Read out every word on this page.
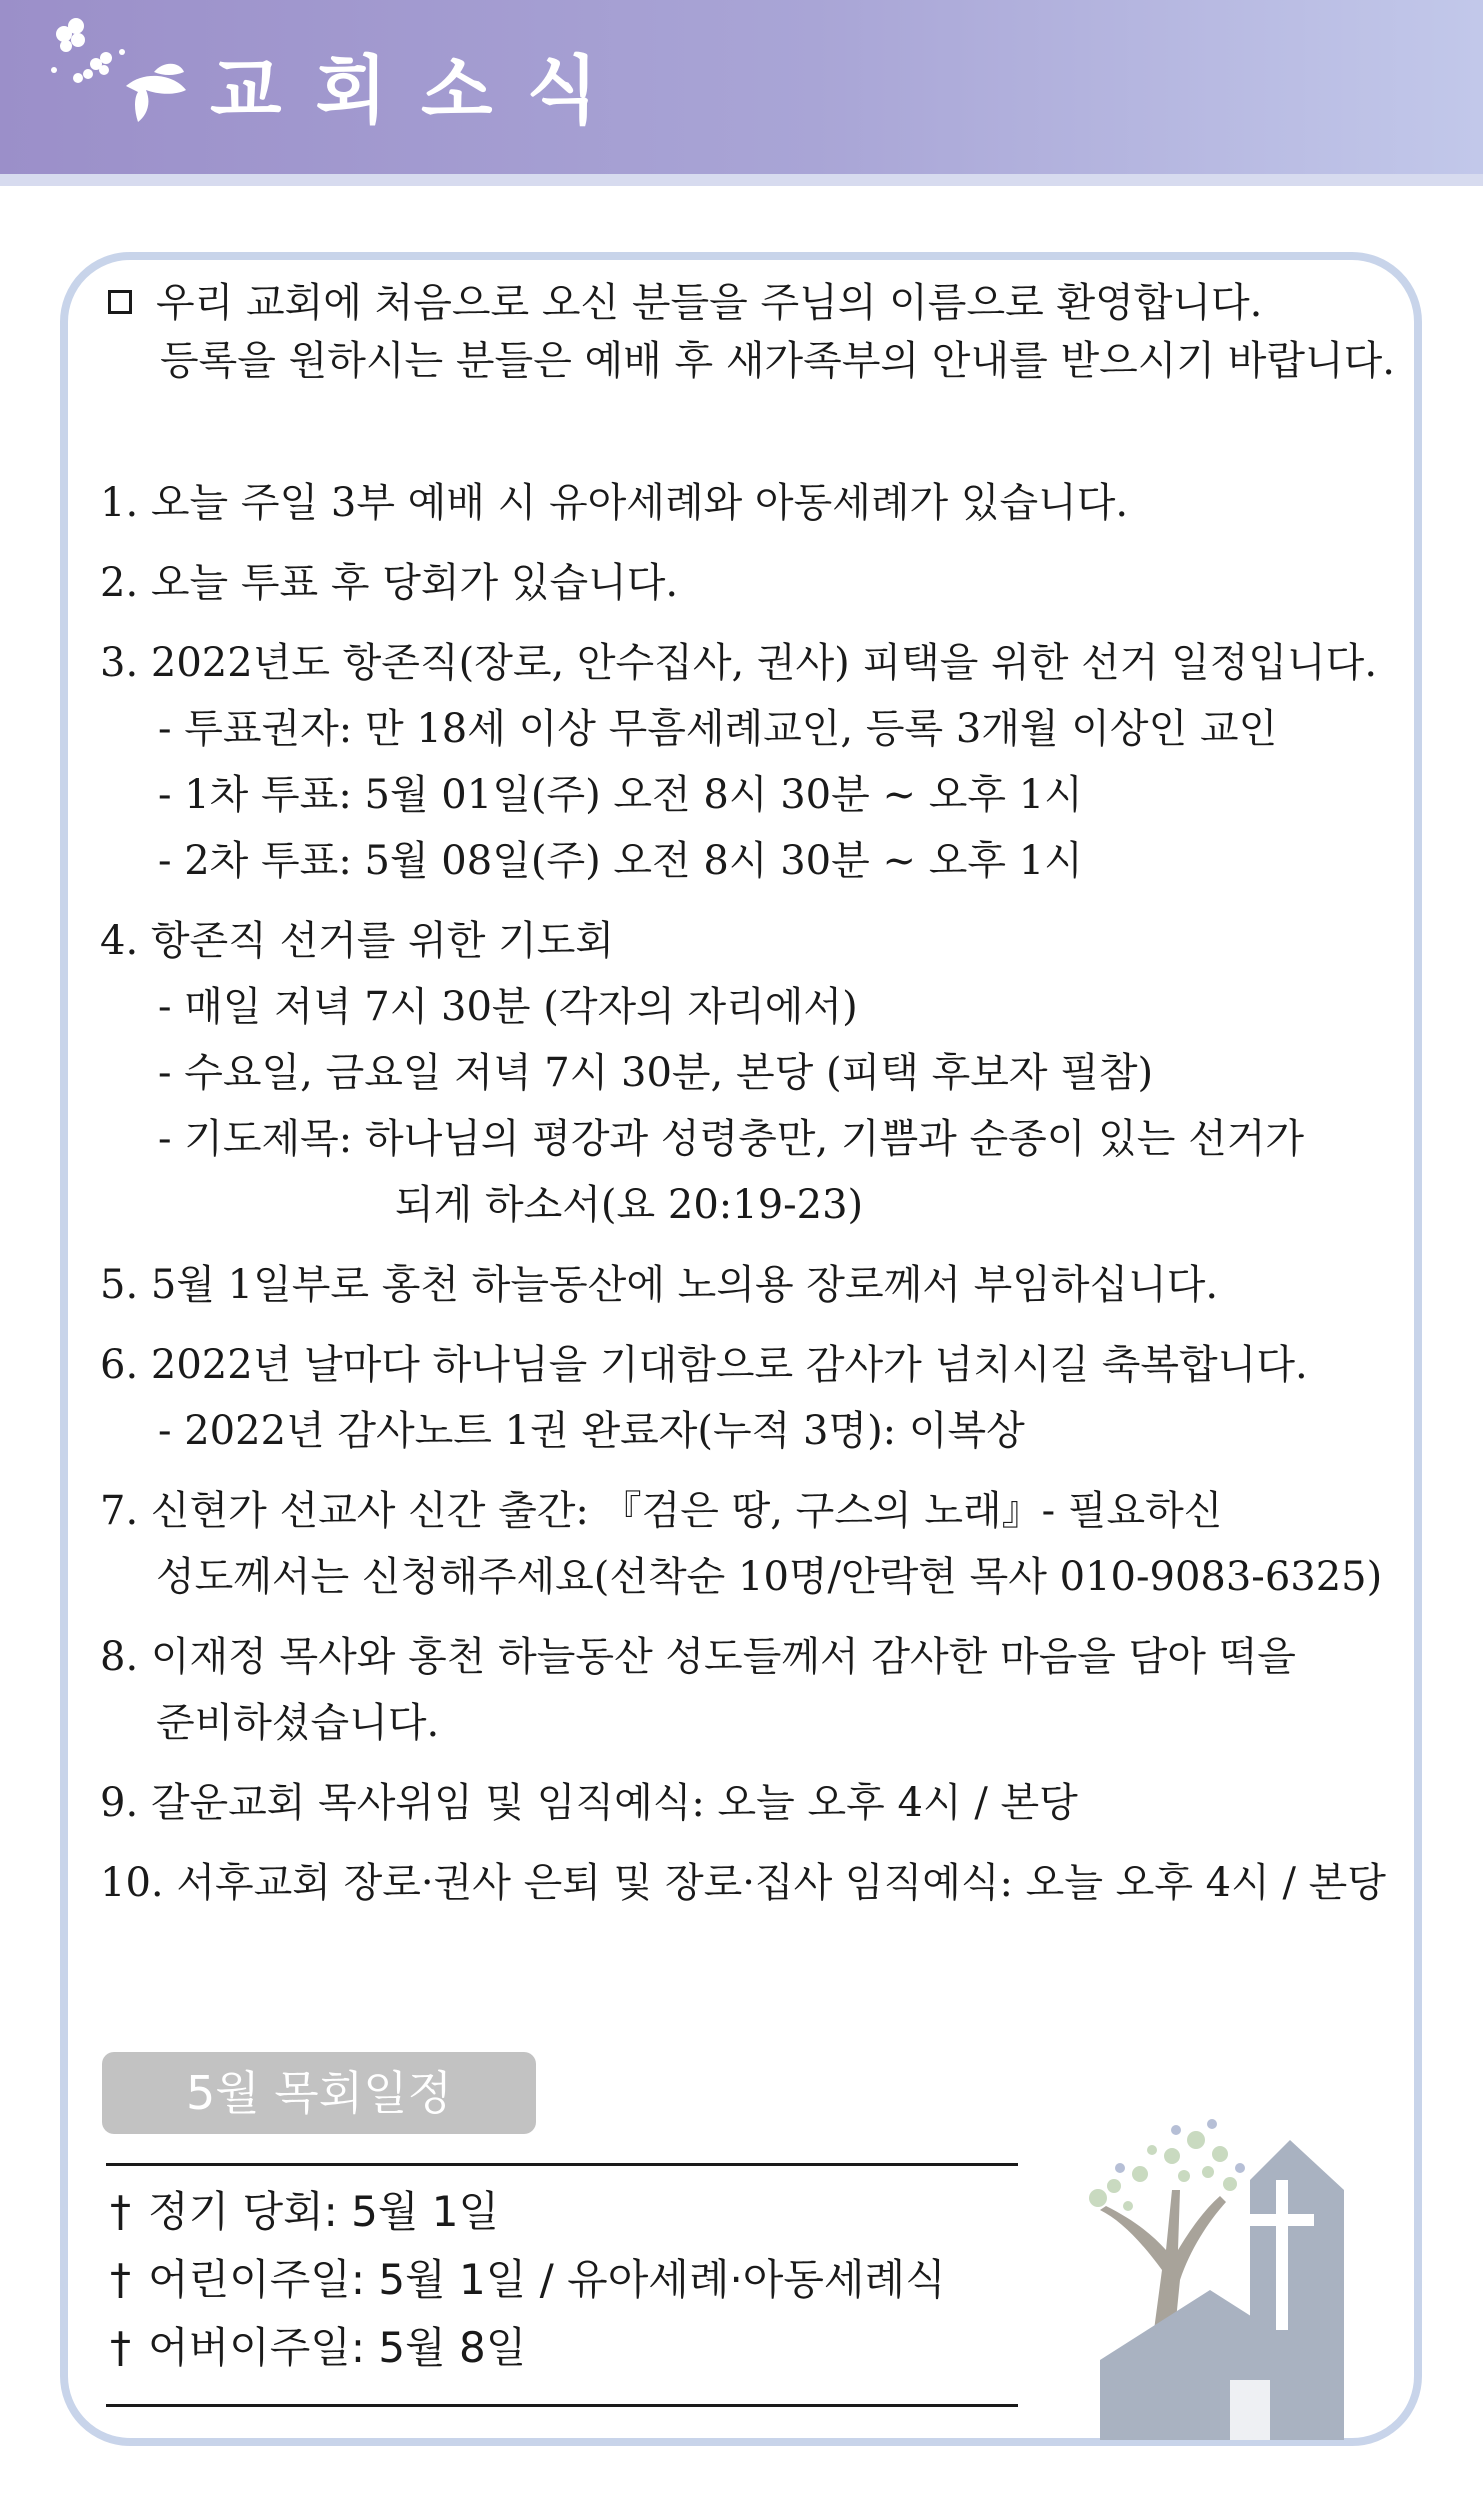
교회소식
우리 교회에 처음으로 오신 분들을 주님의 이름으로 환영합니다.
등록을 원하시는 분들은 예배 후 새가족부의 안내를 받으시기 바랍니다.
1. 오늘 주일 3부 예배 시 유아세례와 아동세례가 있습니다.
2. 오늘 투표 후 당회가 있습니다.
3. 2022년도 항존직(장로, 안수집사, 권사) 피택을 위한 선거 일정입니다.
- 투표권자: 만 18세 이상 무흠세례교인, 등록 3개월 이상인 교인
- 1차 투표: 5월 01일(주) 오전 8시 30분 ~ 오후 1시
- 2차 투표: 5월 08일(주) 오전 8시 30분 ~ 오후 1시
4. 항존직 선거를 위한 기도회
- 매일 저녁 7시 30분 (각자의 자리에서)
- 수요일, 금요일 저녁 7시 30분, 본당 (피택 후보자 필참)
- 기도제목: 하나님의 평강과 성령충만, 기쁨과 순종이 있는 선거가
되게 하소서(요 20:19-23)
5. 5월 1일부로 홍천 하늘동산에 노의용 장로께서 부임하십니다.
6. 2022년 날마다 하나님을 기대함으로 감사가 넘치시길 축복합니다.
- 2022년 감사노트 1권 완료자(누적 3명): 이복상
7. 신현가 선교사 신간 출간: 『검은 땅, 구스의 노래』- 필요하신
성도께서는 신청해주세요(선착순 10명/안락현 목사 010-9083-6325)
8. 이재정 목사와 홍천 하늘동산 성도들께서 감사한 마음을 담아 떡을
준비하셨습니다.
9. 갈운교회 목사위임 및 임직예식: 오늘 오후 4시 / 본당
10. 서후교회 장로·권사 은퇴 및 장로·집사 임직예식: 오늘 오후 4시 / 본당
5월 목회일정
† 정기 당회: 5월 1일
† 어린이주일: 5월 1일 / 유아세례·아동세례식
† 어버이주일: 5월 8일
